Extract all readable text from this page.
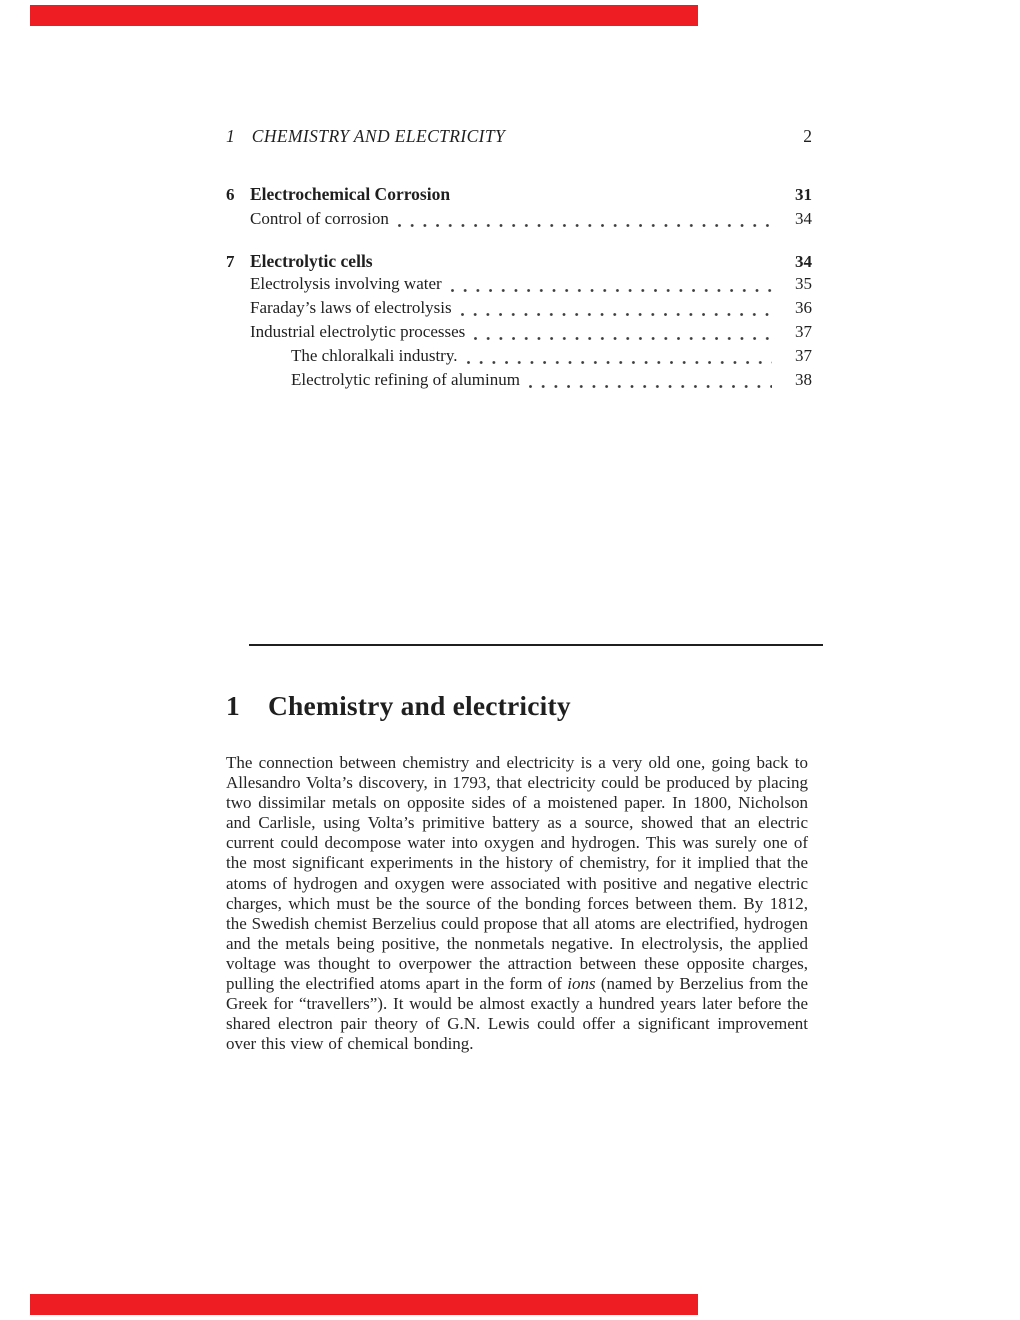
1 CHEMISTRY AND ELECTRICITY	2
6 Electrochemical Corrosion	31
Control of corrosion	34
7 Electrolytic cells	34
Electrolysis involving water	35
Faraday’s laws of electrolysis	36
Industrial electrolytic processes	37
The chloralkali industry.	37
Electrolytic refining of aluminum	38
1	Chemistry and electricity

The connection between chemistry and electricity is a very old one, going back to Allesandro Volta’s discovery, in 1793, that electricity could be produced by placing two dissimilar metals on opposite sides of a moistened paper. In 1800, Nicholson and Carlisle, using Volta’s primitive battery as a source, showed that an electric current could decompose water into oxygen and hydrogen. This was surely one of the most significant experiments in the history of chemistry, for it implied that the atoms of hydrogen and oxygen were associated with positive and negative electric charges, which must be the source of the bonding forces between them. By 1812, the Swedish chemist Berzelius could propose that all atoms are electrified, hydrogen and the metals being positive, the nonmetals negative. In electrolysis, the applied voltage was thought to overpower the attraction between these opposite charges, pulling the electrified atoms apart in the form of ions (named by Berzelius from the Greek for “travellers”). It would be almost exactly a hundred years later before the shared electron pair theory of G.N. Lewis could offer a significant improvement over this view of chemical bonding.
